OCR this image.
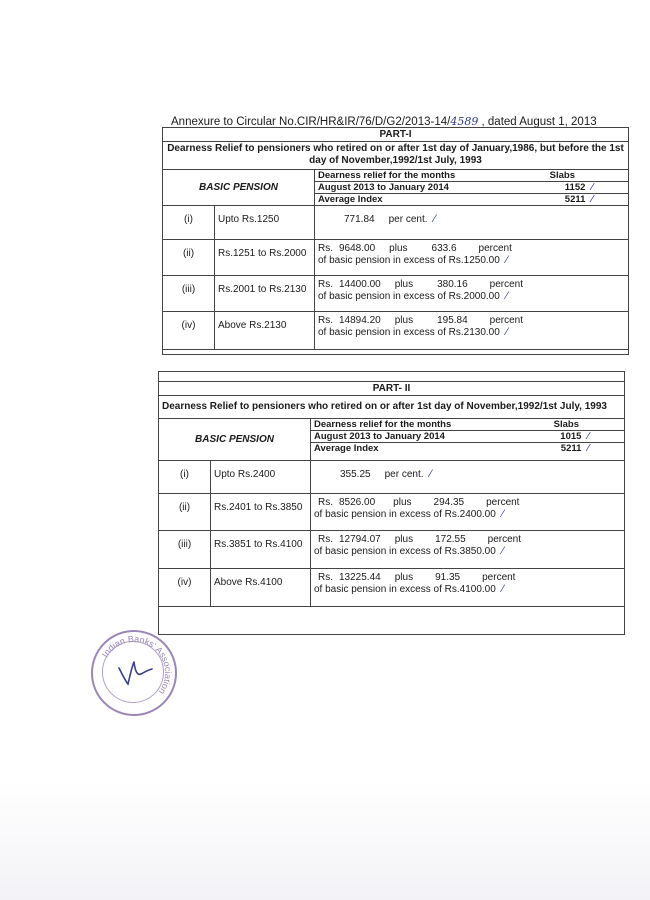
Annexure to Circular No.CIR/HR&IR/76/D/G2/2013-14/4589 , dated August 1, 2013
PART-I		
Dearness Relief to pensioners who retired on or after 1st day of January,1986, but before the 1st day of November,1992/1st July, 1993		
BASIC PENSION		Dearness relief for the months Slabs

		August 2013 to January 2014 1152 ⁄

		Average Index 5211 ⁄

(i)	Upto Rs.1250	771.84 per cent. ⁄
(ii)	Rs.1251 to Rs.2000	Rs. 9648.00 plus 633.6 percent
of basic pension in excess of Rs.1250.00 ⁄

(iii)	Rs.2001 to Rs.2130	Rs. 14400.00 plus 380.16 percent
of basic pension in excess of Rs.2000.00 ⁄

(iv)	Above Rs.2130	Rs. 14894.20 plus 195.84 percent
of basic pension in excess of Rs.2130.00 ⁄

PART- II		
Dearness Relief to pensioners who retired on or after 1st day of November,1992/1st July, 1993		
BASIC PENSION		Dearness relief for the months Slabs

		August 2013 to January 2014 1015 ⁄

		Average Index 5211 ⁄

(i)	Upto Rs.2400	355.25 per cent. ⁄
(ii)	Rs.2401 to Rs.3850	Rs. 8526.00 plus 294.35 percent
of basic pension in excess of Rs.2400.00 ⁄

(iii)	Rs.3851 to Rs.4100	Rs. 12794.07 plus 172.55 percent
of basic pension in excess of Rs.3850.00 ⁄

(iv)	Above Rs.4100	Rs. 13225.44 plus 91.35 percent
of basic pension in excess of Rs.4100.00 ⁄

Indian Banks' Association
